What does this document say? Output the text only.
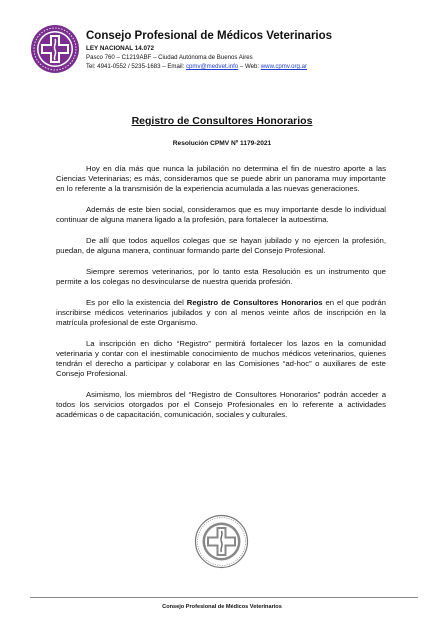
Consejo Profesional de Médicos Veterinarios
LEY NACIONAL 14.072
Pasco 760 – C1219ABF – Ciudad Autónoma de Buenos Aires
Tel: 4941-0552 / 5235-1683 – Email: cpmv@medvet.info – Web: www.cpmv.org.ar
Registro de Consultores Honorarios
Resolución CPMV Nº 1179-2021

Hoy en día más que nunca la jubilación no determina el fin de nuestro aporte a las Ciencias Veterinarias; es más, consideramos que se puede abrir un panorama muy importante en lo referente a la transmisión de la experiencia acumulada a las nuevas generaciones.

Además de este bien social, consideramos que es muy importante desde lo individual continuar de alguna manera ligado a la profesión, para fortalecer la autoestima.

De allí que todos aquellos colegas que se hayan jubilado y no ejercen la profesión, puedan, de alguna manera, continuar formando parte del Consejo Profesional.

Siempre seremos veterinarios, por lo tanto esta Resolución es un instrumento que permite a los colegas no desvincularse de nuestra querida profesión.

Es por ello la existencia del Registro de Consultores Honorarios en el que podrán inscribirse médicos veterinarios jubilados y con al menos veinte años de inscripción en la matrícula profesional de este Organismo.

La inscripción en dicho “Registro” permitirá fortalecer los lazos en la comunidad veterinaria y contar con el inestimable conocimiento de muchos médicos veterinarios, quienes tendrán el derecho a participar y colaborar en las Comisiones “ad-hoc” o auxiliares de este Consejo Profesional.

Asimismo, los miembros del “Registro de Consultores Honorarios” podrán acceder a todos los servicios otorgados por el Consejo Profesionales en lo referente a actividades académicas o de capacitación, comunicación, sociales y culturales.

Consejo Profesional de Médicos Veterinarios
